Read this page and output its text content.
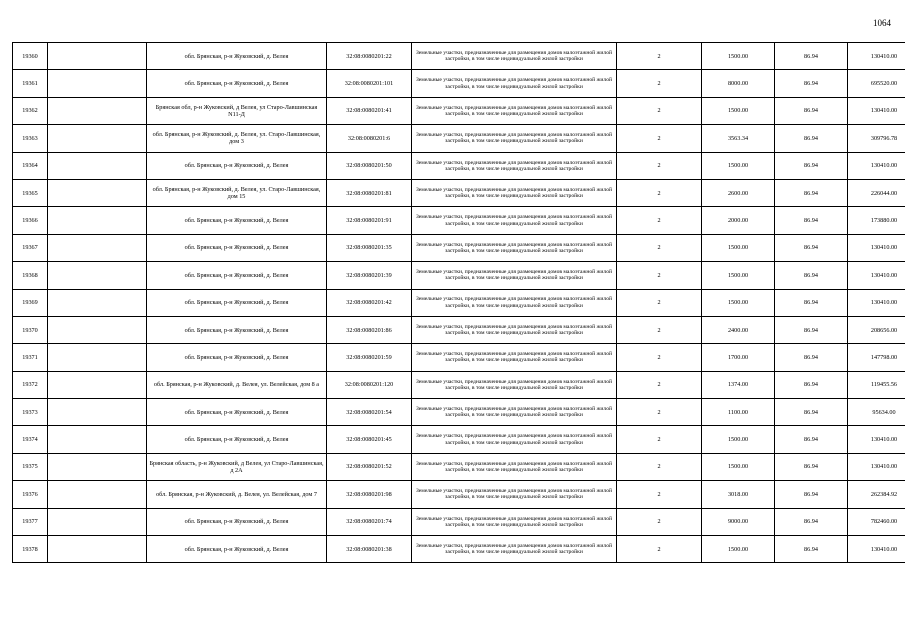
1064
19360		обл. Брянская, р-н Жуковский, д. Велея	32:08:0080201:22	Земельные участки, предназначенные для размещения домов малоэтажной жилой застройки, в том числе индивидуальной жилой застройки	2	1500.00	86.94	130410.00
19361		обл. Брянская, р-н Жуковский, д. Велея	32:08:0080201:101	Земельные участки, предназначенные для размещения домов малоэтажной жилой застройки, в том числе индивидуальной жилой застройки	2	8000.00	86.94	695520.00
19362		Брянская обл, р-н Жуковский, д Велея, ул Старо-Лавшинская N11-Д	32:08:0080201:41	Земельные участки, предназначенные для размещения домов малоэтажной жилой застройки, в том числе индивидуальной жилой застройки	2	1500.00	86.94	130410.00
19363		обл. Брянская, р-н Жуковский, д. Велея, ул. Старо-Лавшинская, дом 3	32:08:0080201:6	Земельные участки, предназначенные для размещения домов малоэтажной жилой застройки, в том числе индивидуальной жилой застройки	2	3563.34	86.94	309796.78
19364		обл. Брянская, р-н Жуковский, д. Велея	32:08:0080201:50	Земельные участки, предназначенные для размещения домов малоэтажной жилой застройки, в том числе индивидуальной жилой застройки	2	1500.00	86.94	130410.00
19365		обл. Брянская, р-н Жуковский, д. Велея, ул. Старо-Лавшинская, дом 15	32:08:0080201:81	Земельные участки, предназначенные для размещения домов малоэтажной жилой застройки, в том числе индивидуальной жилой застройки	2	2600.00	86.94	226044.00
19366		обл. Брянская, р-н Жуковский, д. Велея	32:08:0080201:91	Земельные участки, предназначенные для размещения домов малоэтажной жилой застройки, в том числе индивидуальной жилой застройки	2	2000.00	86.94	173880.00
19367		обл. Брянская, р-н Жуковский, д. Велея	32:08:0080201:35	Земельные участки, предназначенные для размещения домов малоэтажной жилой застройки, в том числе индивидуальной жилой застройки	2	1500.00	86.94	130410.00
19368		обл. Брянская, р-н Жуковский, д. Велея	32:08:0080201:39	Земельные участки, предназначенные для размещения домов малоэтажной жилой застройки, в том числе индивидуальной жилой застройки	2	1500.00	86.94	130410.00
19369		обл. Брянская, р-н Жуковский, д. Велея	32:08:0080201:42	Земельные участки, предназначенные для размещения домов малоэтажной жилой застройки, в том числе индивидуальной жилой застройки	2	1500.00	86.94	130410.00
19370		обл. Брянская, р-н Жуковский, д. Велея	32:08:0080201:86	Земельные участки, предназначенные для размещения домов малоэтажной жилой застройки, в том числе индивидуальной жилой застройки	2	2400.00	86.94	208656.00
19371		обл. Брянская, р-н Жуковский, д. Велея	32:08:0080201:59	Земельные участки, предназначенные для размещения домов малоэтажной жилой застройки, в том числе индивидуальной жилой застройки	2	1700.00	86.94	147798.00
19372		обл. Брянская, р-н Жуковский, д. Велея, ул. Велейская, дом 8 а	32:08:0080201:120	Земельные участки, предназначенные для размещения домов малоэтажной жилой застройки, в том числе индивидуальной жилой застройки	2	1374.00	86.94	119455.56
19373		обл. Брянская, р-н Жуковский, д. Велея	32:08:0080201:54	Земельные участки, предназначенные для размещения домов малоэтажной жилой застройки, в том числе индивидуальной жилой застройки	2	1100.00	86.94	95634.00
19374		обл. Брянская, р-н Жуковский, д. Велея	32:08:0080201:45	Земельные участки, предназначенные для размещения домов малоэтажной жилой застройки, в том числе индивидуальной жилой застройки	2	1500.00	86.94	130410.00
19375		Брянская область, р-н Жуковский, д Велея, ул Старо-Лавшинская, д 2А	32:08:0080201:52	Земельные участки, предназначенные для размещения домов малоэтажной жилой застройки, в том числе индивидуальной жилой застройки	2	1500.00	86.94	130410.00
19376		обл. Брянская, р-н Жуковский, д. Велея, ул. Велейская, дом 7	32:08:0080201:98	Земельные участки, предназначенные для размещения домов малоэтажной жилой застройки, в том числе индивидуальной жилой застройки	2	3018.00	86.94	262384.92
19377		обл. Брянская, р-н Жуковский, д. Велея	32:08:0080201:74	Земельные участки, предназначенные для размещения домов малоэтажной жилой застройки, в том числе индивидуальной жилой застройки	2	9000.00	86.94	782460.00
19378		обл. Брянская, р-н Жуковский, д. Велея	32:08:0080201:38	Земельные участки, предназначенные для размещения домов малоэтажной жилой застройки, в том числе индивидуальной жилой застройки	2	1500.00	86.94	130410.00
